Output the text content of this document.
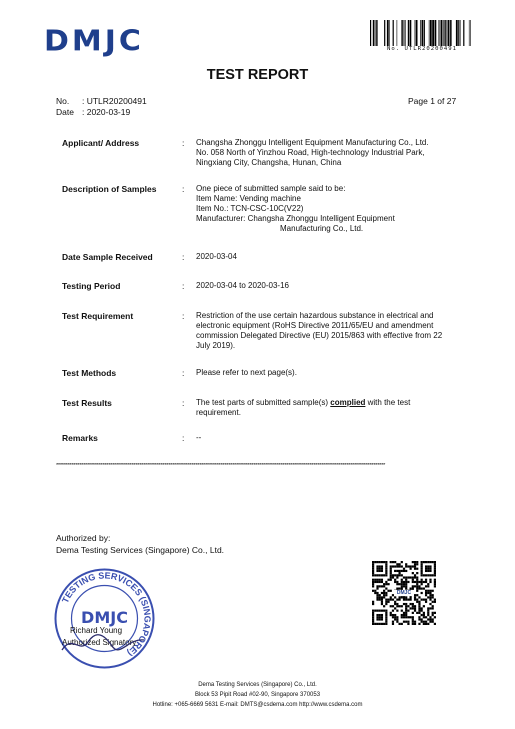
DMJC	No. UTLR20200491
TEST REPORT
No. : UTLR20200491
Date : 2020-03-19
Page 1 of 27
Applicant/ Address	: Changsha Zhonggu Intelligent Equipment Manufacturing Co., Ltd.
No. 058 North of Yinzhou Road, High-technology Industrial Park,
Ningxiang City, Changsha, Hunan, China
Description of Samples	: One piece of submitted sample said to be:
Item Name: Vending machine
Item No.: TCN-CSC-10C(V22)
Manufacturer: Changsha Zhonggu Intelligent Equipment
Manufacturing Co., Ltd.
Date Sample Received	: 2020-03-04
Testing Period	: 2020-03-04 to 2020-03-16
Test Requirement	: Restriction of the use certain hazardous substance in electrical and
electronic equipment (RoHS Directive 2011/65/EU and amendment
commission Delegated Directive (EU) 2015/863 with effective from 22
July 2019).
Test Methods	: Please refer to next page(s).
Test Results	: The test parts of submitted sample(s) complied with the test
requirement.
Remarks	: --
**************************************************************************************************************************************************************************
Authorized by:
Dema Testing Services (Singapore) Co., Ltd.
TESTING SERVICES (SINGAPORE)
DMJC
Richard Young
Authorized Signatory
DMJC
Dema Testing Services (Singapore) Co., Ltd.
Block 53 Pipit Road #02-90, Singapore 370053
Hotline: +065-6669 5631 E-mail: DMTS@csdema.com http://www.csdema.com
